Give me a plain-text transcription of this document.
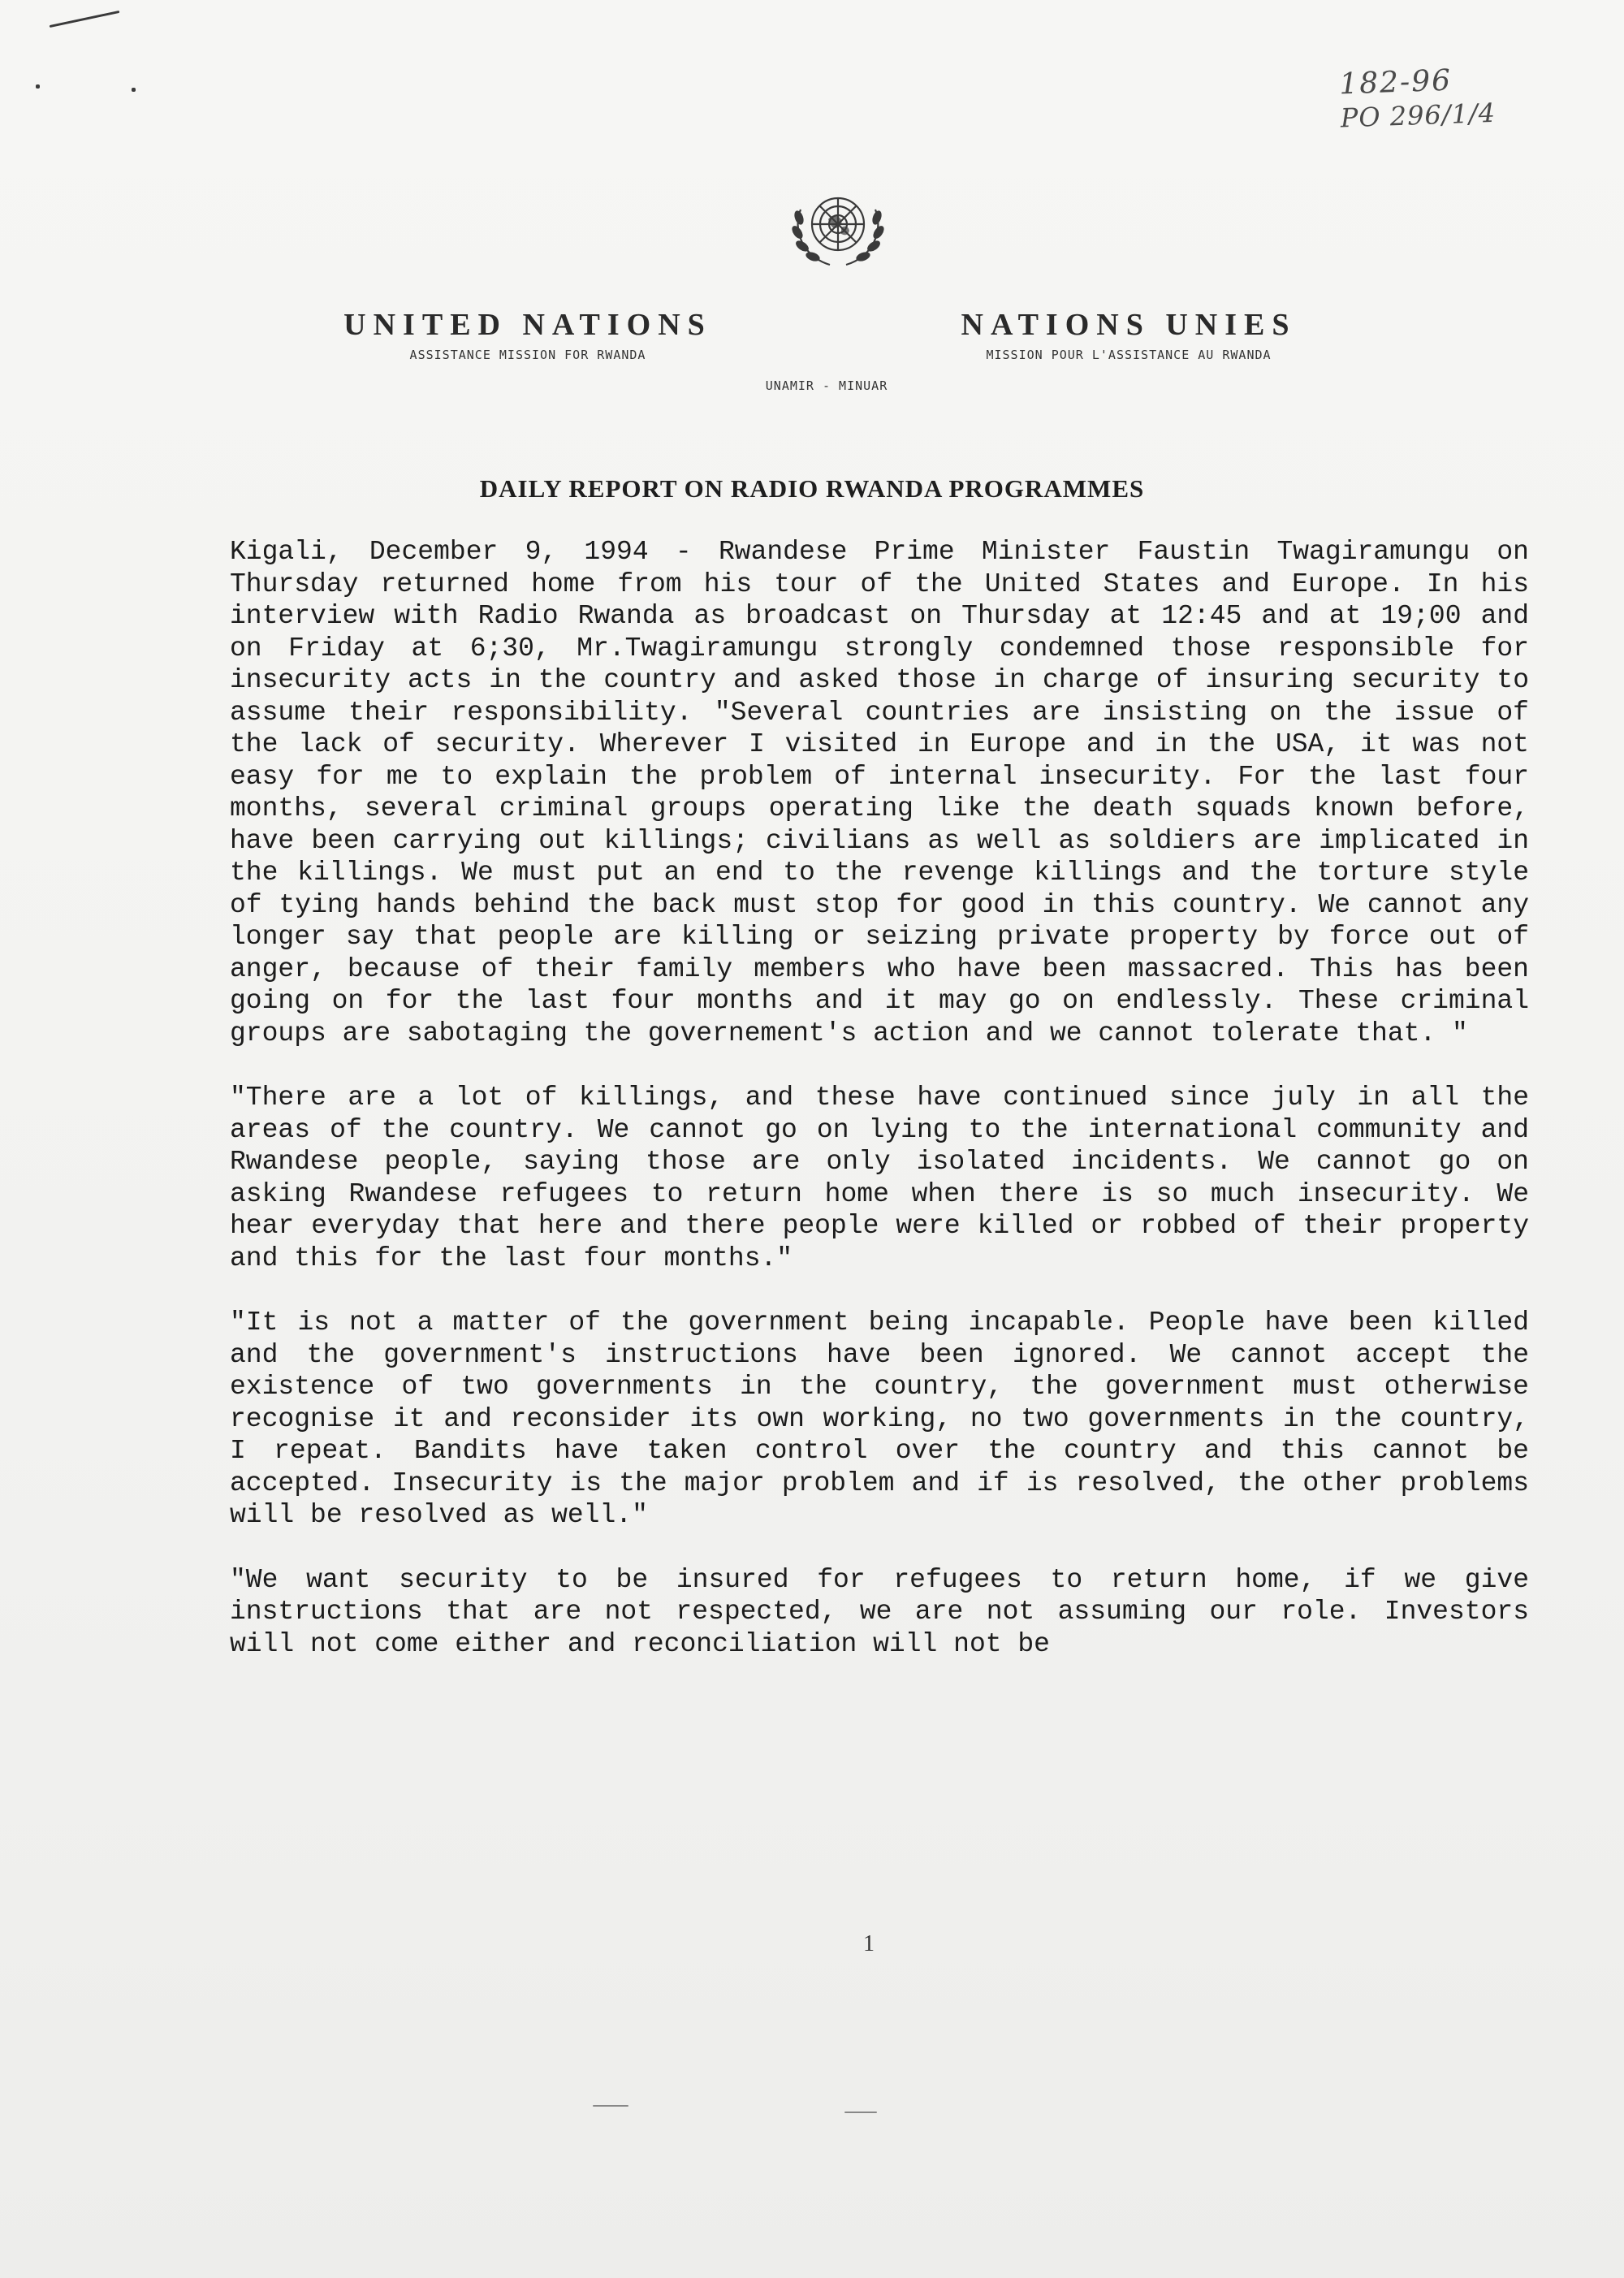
182-96
PO 296/1/4
UNITED NATIONS
ASSISTANCE MISSION FOR RWANDA
NATIONS UNIES
MISSION POUR L'ASSISTANCE AU RWANDA
UNAMIR - MINUAR
DAILY REPORT ON RADIO RWANDA PROGRAMMES

Kigali, December 9, 1994 - Rwandese Prime Minister Faustin Twagiramungu on Thursday returned home from his tour of the United States and Europe. In his interview with Radio Rwanda as broadcast on Thursday at 12:45 and at 19;00 and on Friday at 6;30, Mr.Twagiramungu strongly condemned those responsible for insecurity acts in the country and asked those in charge of insuring security to assume their responsibility. "Several countries are insisting on the issue of the lack of security. Wherever I visited in Europe and in the USA, it was not easy for me to explain the problem of internal insecurity. For the last four months, several criminal groups operating like the death squads known before, have been carrying out killings; civilians as well as soldiers are implicated in the killings. We must put an end to the revenge killings and the torture style of tying hands behind the back must stop for good in this country. We cannot any longer say that people are killing or seizing private property by force out of anger, because of their family members who have been massacred. This has been going on for the last four months and it may go on endlessly. These criminal groups are sabotaging the governement's action and we cannot tolerate that. "

"There are a lot of killings, and these have continued since july in all the areas of the country. We cannot go on lying to the international community and Rwandese people, saying those are only isolated incidents. We cannot go on asking Rwandese refugees to return home when there is so much insecurity. We hear everyday that here and there people were killed or robbed of their property and this for the last four months."

"It is not a matter of the government being incapable. People have been killed and the government's instructions have been ignored. We cannot accept the existence of two governments in the country, the government must otherwise recognise it and reconsider its own working, no two governments in the country, I repeat. Bandits have taken control over the country and this cannot be accepted. Insecurity is the major problem and if is resolved, the other problems will be resolved as well."

"We want security to be insured for refugees to return home, if we give instructions that are not respected, we are not assuming our role. Investors will not come either and reconciliation will not be

1
